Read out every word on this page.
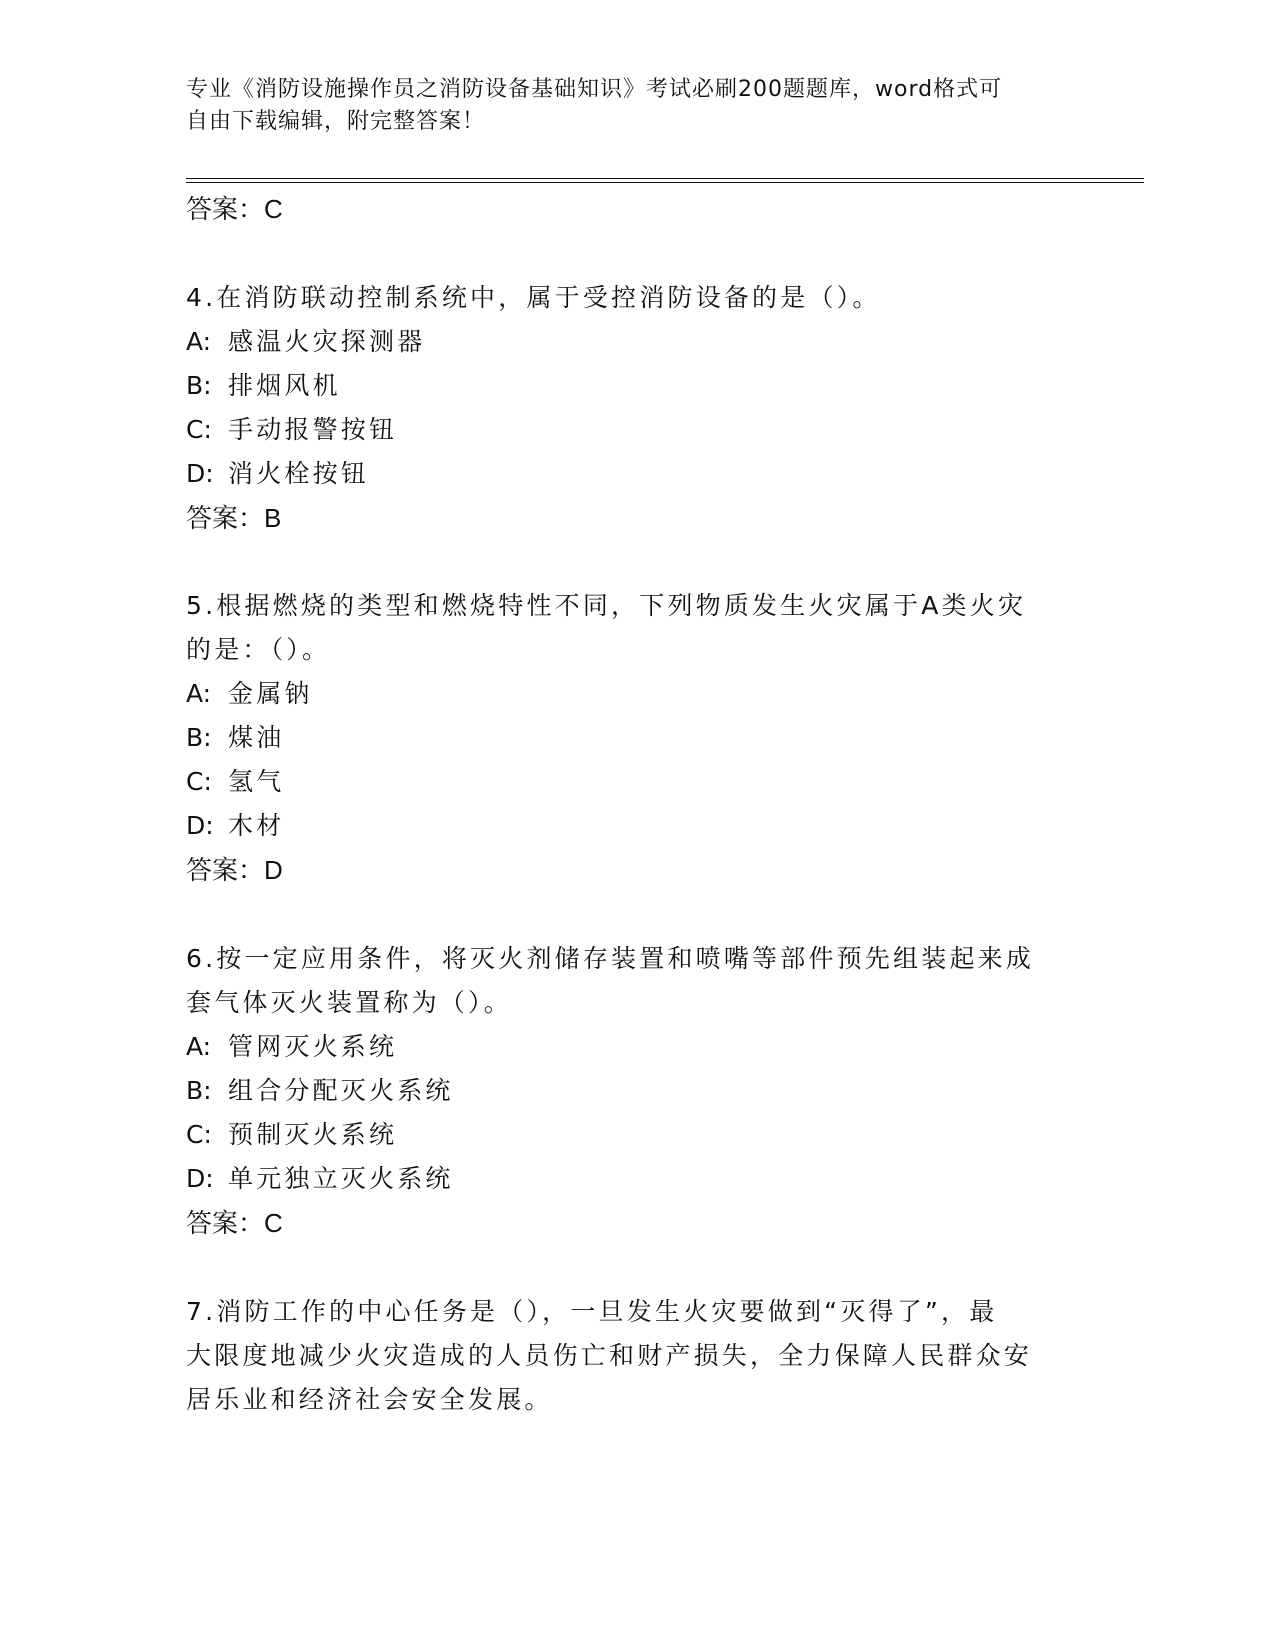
专业《消防设施操作员之消防设备基础知识》考试必刷200题题库，word格式可
自由下载编辑，附完整答案！
答案：C
4.在消防联动控制系统中，属于受控消防设备的是（）。
A: 感温火灾探测器
B: 排烟风机
C: 手动报警按钮
D: 消火栓按钮
答案：B
5.根据燃烧的类型和燃烧特性不同，下列物质发生火灾属于A类火灾
的是：（）。
A: 金属钠
B: 煤油
C: 氢气
D: 木材
答案：D
6.按一定应用条件，将灭火剂储存装置和喷嘴等部件预先组装起来成
套气体灭火装置称为（）。
A: 管网灭火系统
B: 组合分配灭火系统
C: 预制灭火系统
D: 单元独立灭火系统
答案：C
7.消防工作的中心任务是（），一旦发生火灾要做到“灭得了”，最
大限度地减少火灾造成的人员伤亡和财产损失，全力保障人民群众安
居乐业和经济社会安全发展。
